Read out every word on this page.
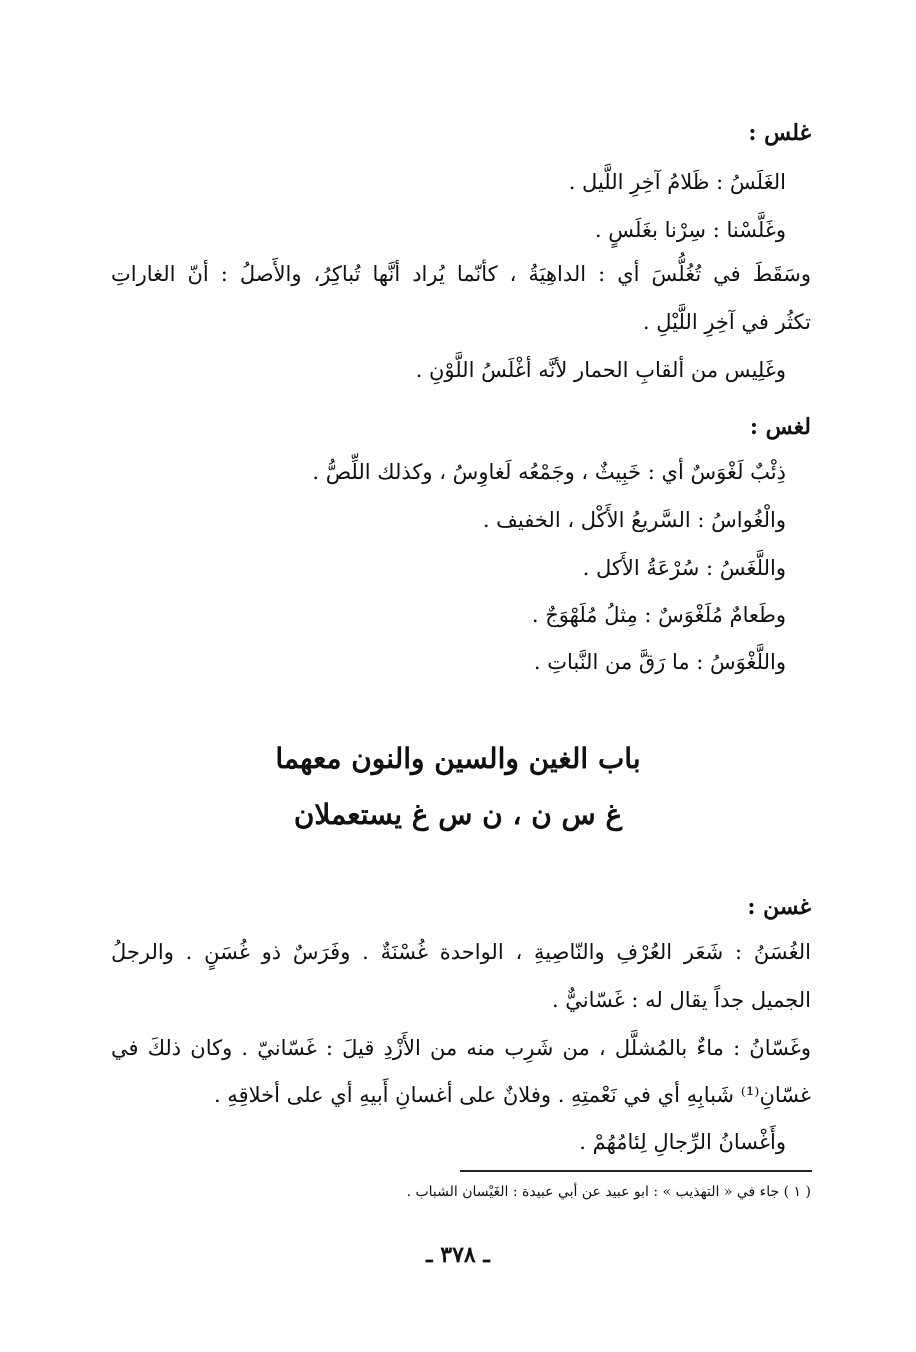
غلس :
الغَلَسُ : ظَلامُ آخِرِ اللَّيل .
وغَلَّسْنا : سِرْنا بغَلَسٍ .
وسَقَطَ في تُغُلُّسَ أي : الداهِيَةُ ، كأنّما يُراد أنَّها تُباكِرُ، والأَصلُ : أنّ الغاراتِ
تكثُر في آخِرِ اللَّيْلِ .
وغَلِيس من ألقابِ الحمار لأنَّه أغْلَسُ اللَّوْنِ .
لغس :
ذِئْبٌ لَغْوَسٌ أي : خَبِيثٌ ، وجَمْعُه لَغاوِسُ ، وكذلك اللِّصُّ .
والْغُواسُ : السَّريعُ الأَكْل ، الخفيف .
واللَّغَسُ : سُرْعَةُ الأَكل .
وطَعامٌ مُلَغْوَسٌ : مِثلُ مُلَهْوَجٌ .
واللَّغْوَسُ : ما رَقَّ من النَّباتِ .
باب الغين والسين والنون معهما
غ س ن ، ن س غ يستعملان
غسن :
الغُسَنُ : شَعَر العُرْفِ والنّاصِيةِ ، الواحدة غُسْنَةٌ . وفَرَسٌ ذو غُسَنٍ . والرجلُ
الجميل جداً يقال له : غَسّانيٌّ .
وغَسّانُ : ماءٌ بالمُشلَّل ، من شَرِب منه من الأَزْدِ قيلَ : غَسّانيّ . وكان ذلكَ في
غسّانِ⁽¹⁾ شَبابِهِ أي في نَعْمتِهِ . وفلانٌ على أغسانِ أَبيهِ أي على أخلاقِهِ .
وأَغْسانُ الرِّجالِ لِئامُهُمْ .
( ١ ) جاء في « التهذيب » : ابو عبيد عن أبي عبيدة : الغَيْسان الشباب .
ـ ٣٧٨ ـ
